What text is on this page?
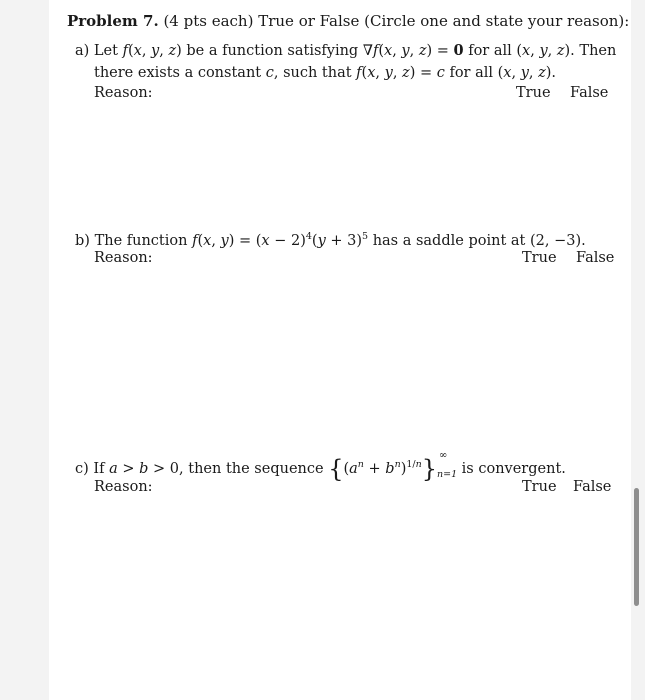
Problem 7. (4 pts each) True or False (Circle one and state your reason):
a) Let f(x, y, z) be a function satisfying ∇f(x, y, z) = 0 for all (x, y, z). Then
there exists a constant c, such that f(x, y, z) = c for all (x, y, z).
Reason:	True False
b) The function f(x, $y) = (x - 2)^4(y + 3)^5$ has a saddle point at (2, −3).
Reason:	True False
c) If a > b > 0, then the sequence $\{(a^n + b^n)^{1/n}\}$ ∞
n=1 is convergent.
Reason:	True False
